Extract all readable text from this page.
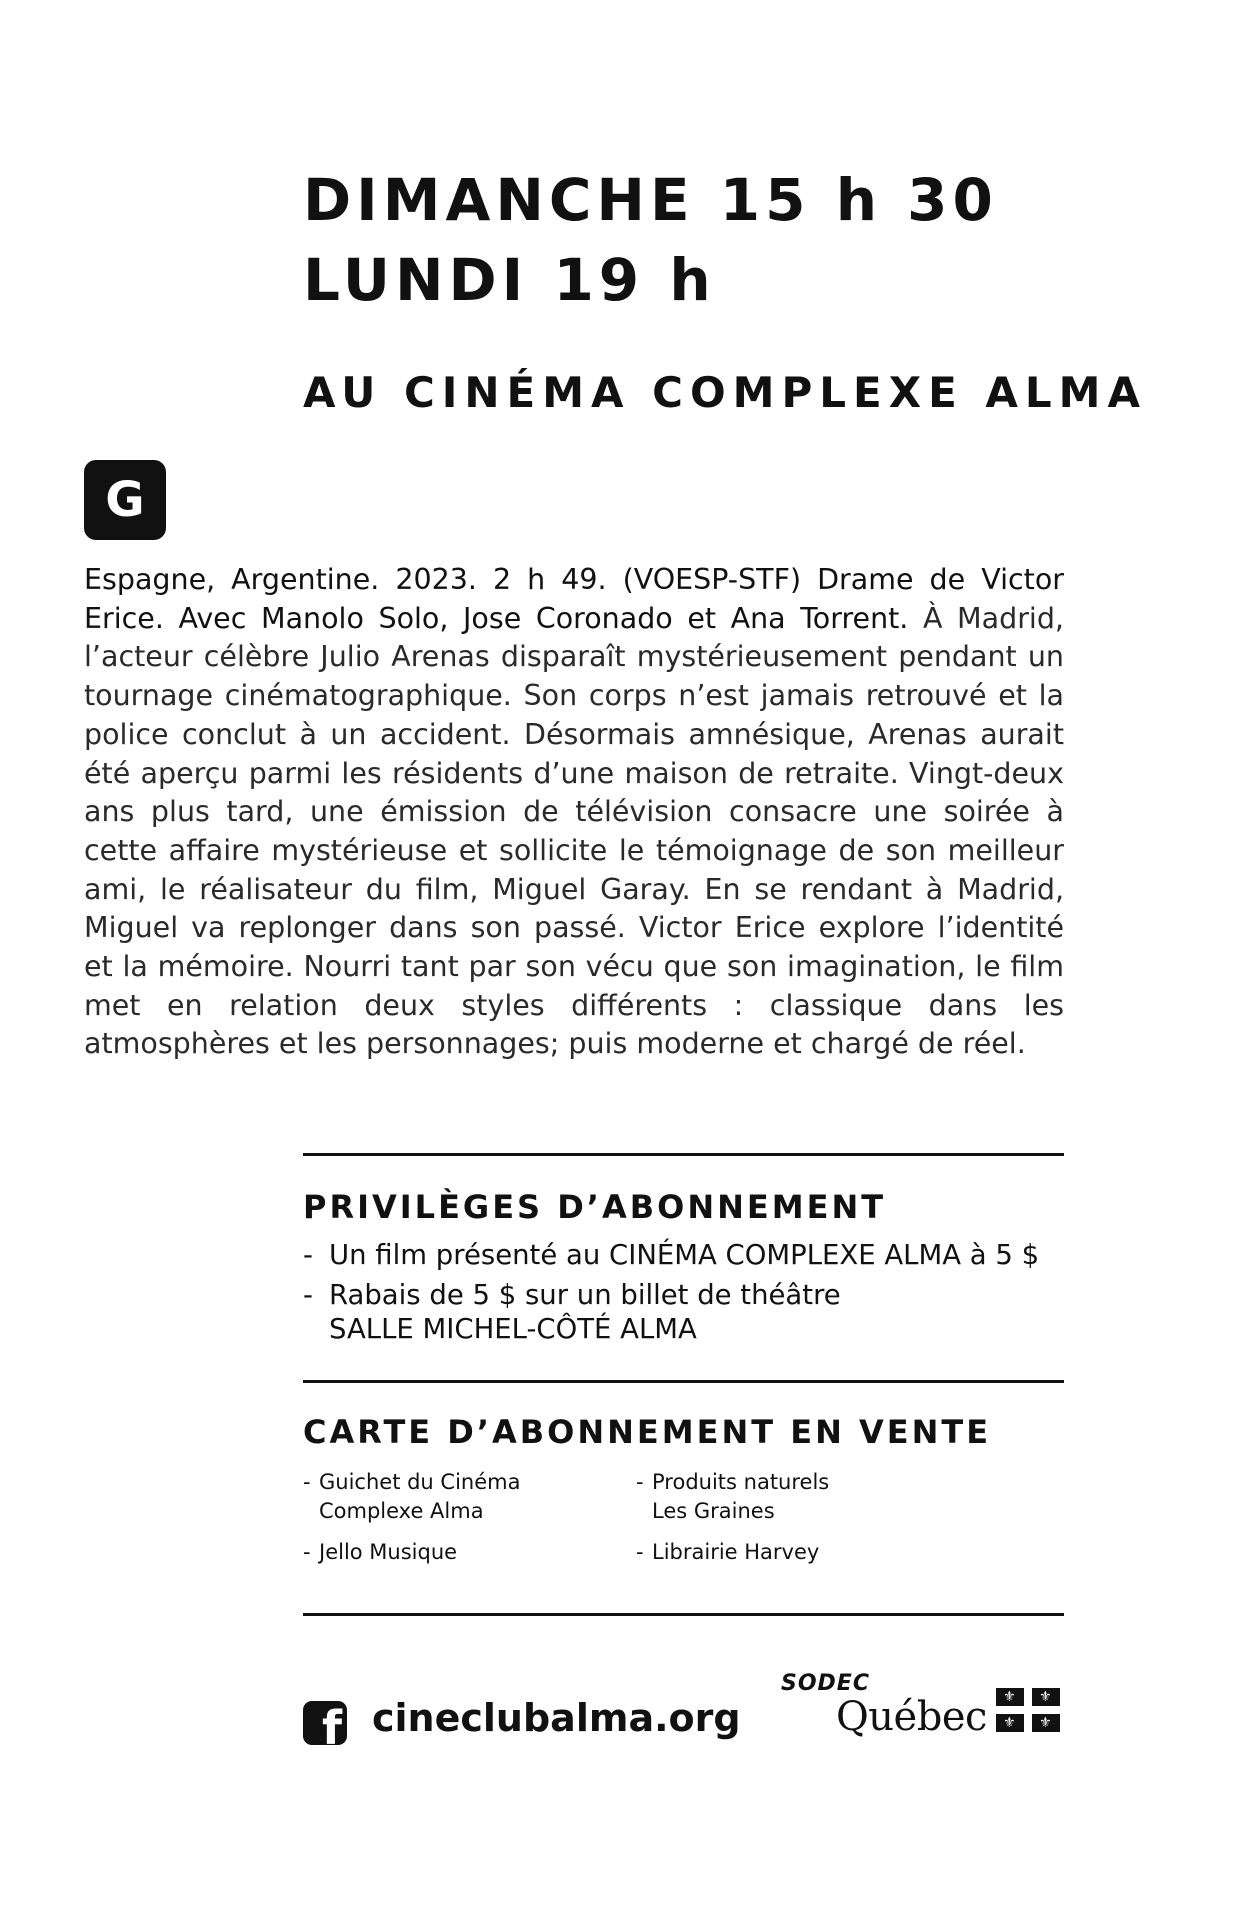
DIMANCHE 15 h 30
LUNDI 19 h
AU CINÉMA COMPLEXE ALMA
G

Espagne, Argentine. 2023. 2 h 49. (VOESP-STF) Drame de Victor Erice. Avec Manolo Solo, Jose Coronado et Ana Torrent. À Madrid, l’acteur célèbre Julio Arenas disparaît mystérieusement pendant un tournage cinématographique. Son corps n’est jamais retrouvé et la police conclut à un accident. Désormais amnésique, Arenas aurait été aperçu parmi les résidents d’une maison de retraite. Vingt-deux ans plus tard, une émission de télévision consacre une soirée à cette affaire mystérieuse et sollicite le témoignage de son meilleur ami, le réalisateur du film, Miguel Garay. En se rendant à Madrid, Miguel va replonger dans son passé. Victor Erice explore l’identité et la mémoire. Nourri tant par son vécu que son imagination, le film met en relation deux styles différents : classique dans les atmosphères et les personnages; puis moderne et chargé de réel.

PRIVILÈGES D’ABONNEMENT
- Un film présenté au CINÉMA COMPLEXE ALMA à 5 $
- Rabais de 5 $ sur un billet de théâtre
SALLE MICHEL-CÔTÉ ALMA
CARTE D’ABONNEMENT EN VENTE
- Guichet du Cinéma
Complexe Alma
- Produits naturels
Les Graines
- Jello Musique
-	Librairie Harvey
f cineclubalma.org
SODEC
Québec ⚜ ⚜
⚜ ⚜
